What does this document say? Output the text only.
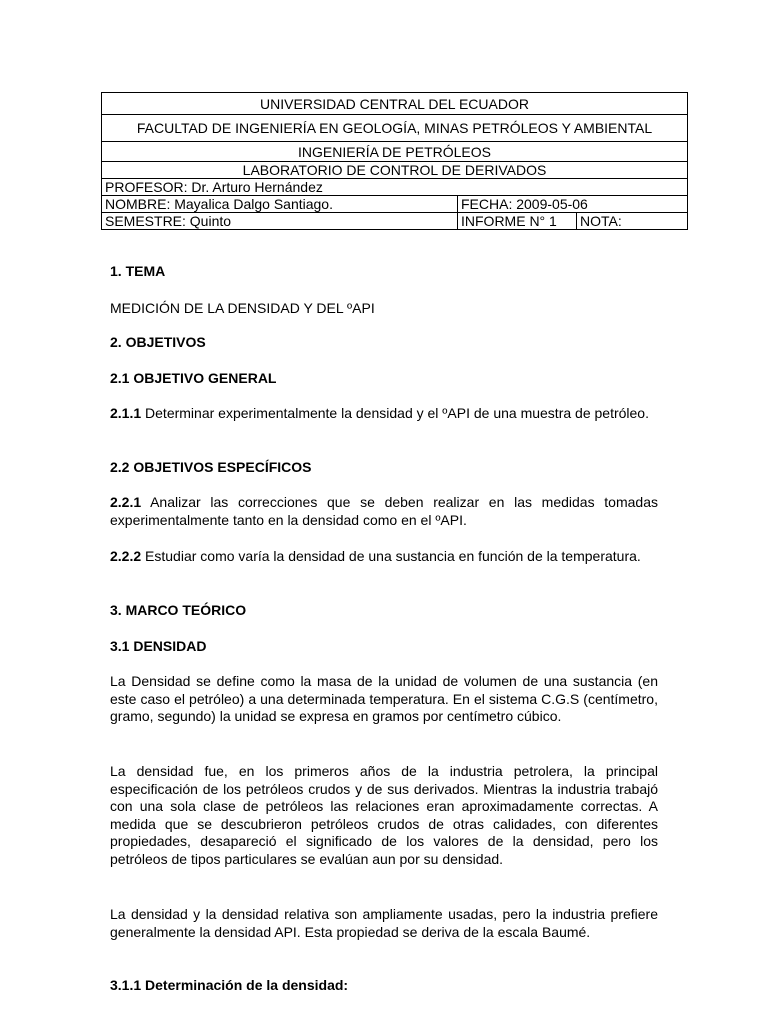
UNIVERSIDAD CENTRAL DEL ECUADOR		
FACULTAD DE INGENIERÍA EN GEOLOGÍA, MINAS PETRÓLEOS Y AMBIENTAL		
INGENIERÍA DE PETRÓLEOS		
LABORATORIO DE CONTROL DE DERIVADOS		
PROFESOR: Dr. Arturo Hernández		
NOMBRE: Mayalica Dalgo Santiago.	FECHA: 2009-05-06	
SEMESTRE: Quinto	INFORME N° 1	NOTA:

1. TEMA

MEDICIÓN DE LA DENSIDAD Y DEL ºAPI

2. OBJETIVOS

2.1 OBJETIVO GENERAL

2.1.1 Determinar experimentalmente la densidad y el ºAPI de una muestra de petróleo.

2.2 OBJETIVOS ESPECÍFICOS

2.2.1 Analizar las correcciones que se deben realizar en las medidas tomadas experimentalmente tanto en la densidad como en el ºAPI.

2.2.2 Estudiar como varía la densidad de una sustancia en función de la temperatura.

3. MARCO TEÓRICO

3.1 DENSIDAD

La Densidad se define como la masa de la unidad de volumen de una sustancia (en este caso el petróleo) a una determinada temperatura. En el sistema C.G.S (centímetro, gramo, segundo) la unidad se expresa en gramos por centímetro cúbico.

La densidad fue, en los primeros años de la industria petrolera, la principal especificación de los petróleos crudos y de sus derivados. Mientras la industria trabajó con una sola clase de petróleos las relaciones eran aproximadamente correctas. A medida que se descubrieron petróleos crudos de otras calidades, con diferentes propiedades, desapareció el significado de los valores de la densidad, pero los petróleos de tipos particulares se evalúan aun por su densidad.

La densidad y la densidad relativa son ampliamente usadas, pero la industria prefiere generalmente la densidad API. Esta propiedad se deriva de la escala Baumé.

3.1.1 Determinación de la densidad:
